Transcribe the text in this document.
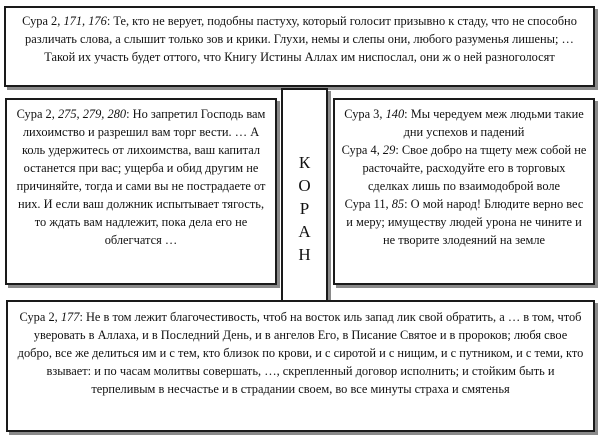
Сура 2, 171, 176: Те, кто не верует, подобны пастуху, который голосит призывно к стаду, что не способно различать слова, а слышит только зов и крики. Глухи, немы и слепы они, любого разуменья лишены; … Такой их участь будет оттого, что Книгу Истины Аллах им ниспослал, они ж о ней разноголосят

Сура 2, 275, 279, 280: Но запретил Господь вам лихоимство и разрешил вам торг вести. … А коль удержитесь от лихоимства, ваш капитал останется при вас; ущерба и обид другим не причиняйте, тогда и сами вы не пострадаете от них. И если ваш должник испытывает тягость, то ждать вам надлежит, пока дела его не облегчатся …

К
О
Р
А
Н

Сура 3, 140: Мы чередуем меж людьми такие дни успехов и падений

Сура 4, 29: Свое добро на тщету меж собой не расточайте, расходуйте его в торговых сделках лишь по взаимодоброй воле

Сура 11, 85: О мой народ! Блюдите верно вес и меру; имуществу людей урона не чините и не творите злодеяний на земле

Сура 2, 177: Не в том лежит благочестивость, чтоб на восток иль запад лик свой обратить, а … в том, чтоб уверовать в Аллаха, и в Последний День, и в ангелов Его, в Писание Святое и в пророков; любя свое добро, все же делиться им и с тем, кто близок по крови, и с сиротой и с нищим, и с путником, и с теми, кто взывает: и по часам молитвы совершать, …, скрепленный договор исполнить; и стойким быть и терпеливым в несчастье и в страдании своем, во все минуты страха и смятенья
